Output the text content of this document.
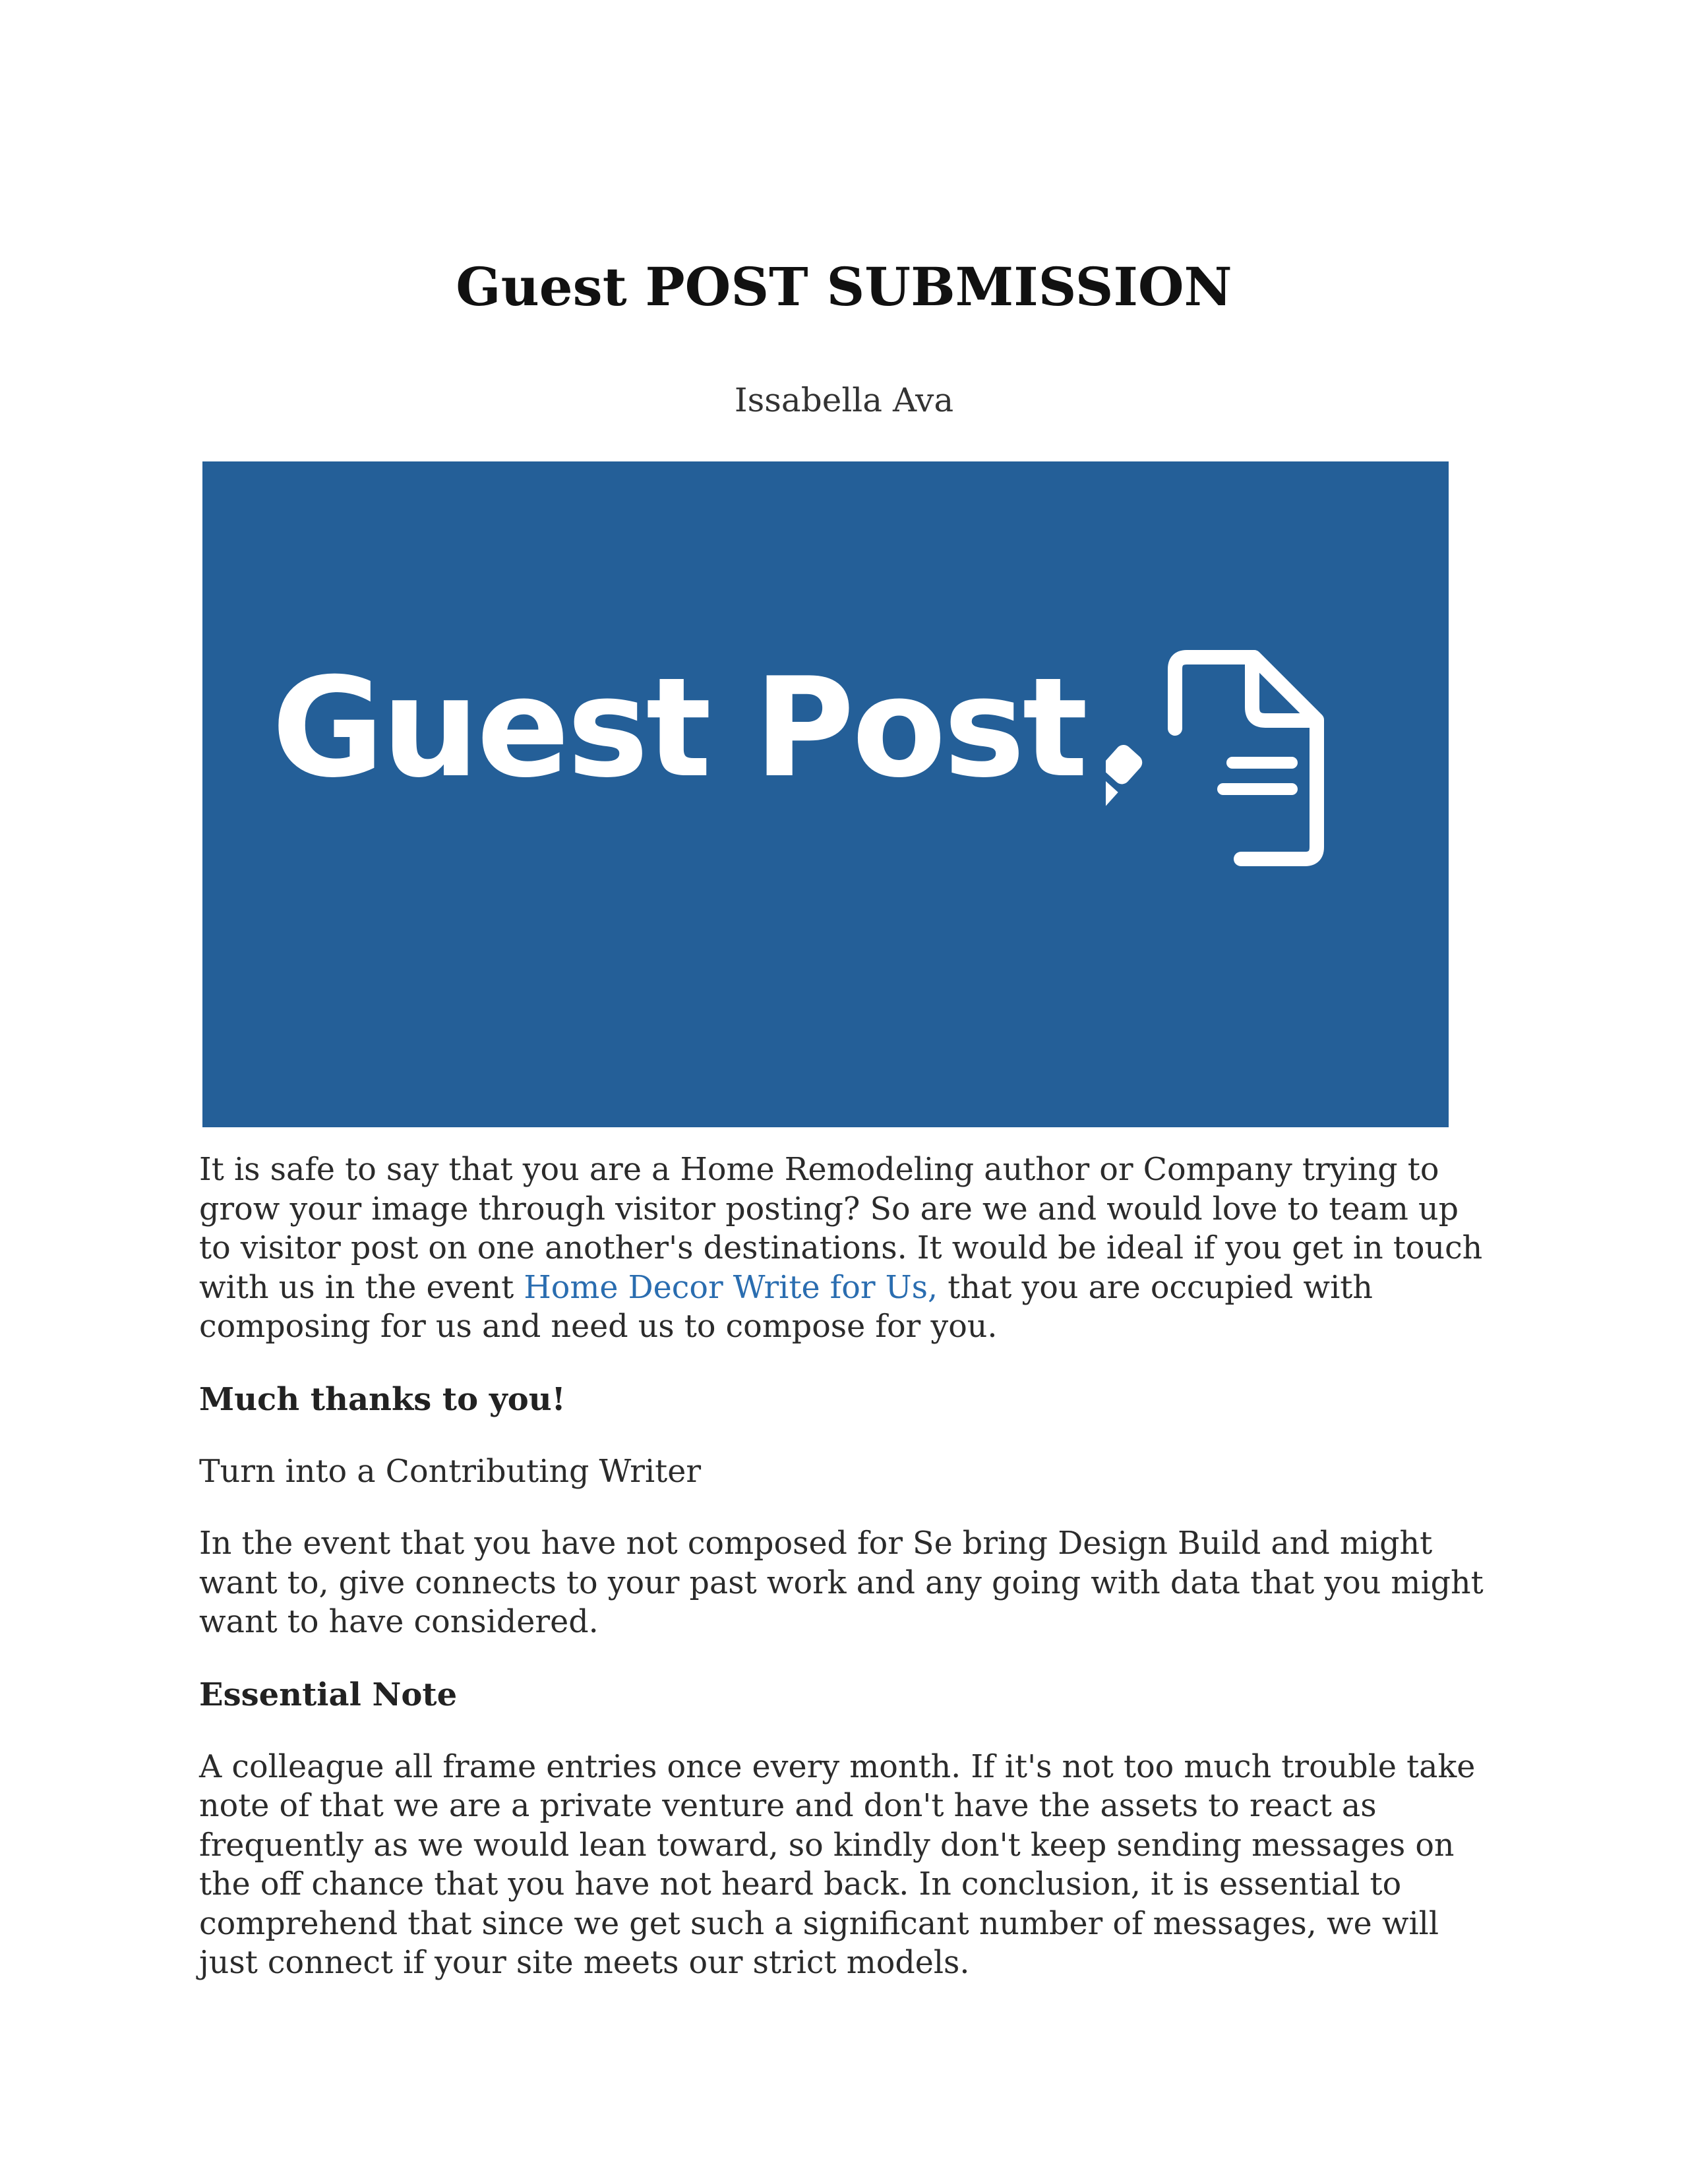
Guest POST SUBMISSION
Issabella Ava
Guest Post

It is safe to say that you are a Home Remodeling author or Company trying to grow your image through visitor posting? So are we and would love to team up to visitor post on one another's destinations. It would be ideal if you get in touch with us in the event Home Decor Write for Us, that you are occupied with composing for us and need us to compose for you.

Much thanks to you!

Turn into a Contributing Writer

In the event that you have not composed for Se bring Design Build and might want to, give connects to your past work and any going with data that you might want to have considered.

Essential Note

A colleague all frame entries once every month. If it's not too much trouble take note of that we are a private venture and don't have the assets to react as frequently as we would lean toward, so kindly don't keep sending messages on the off chance that you have not heard back. In conclusion, it is essential to comprehend that since we get such a significant number of messages, we will just connect if your site meets our strict models.
